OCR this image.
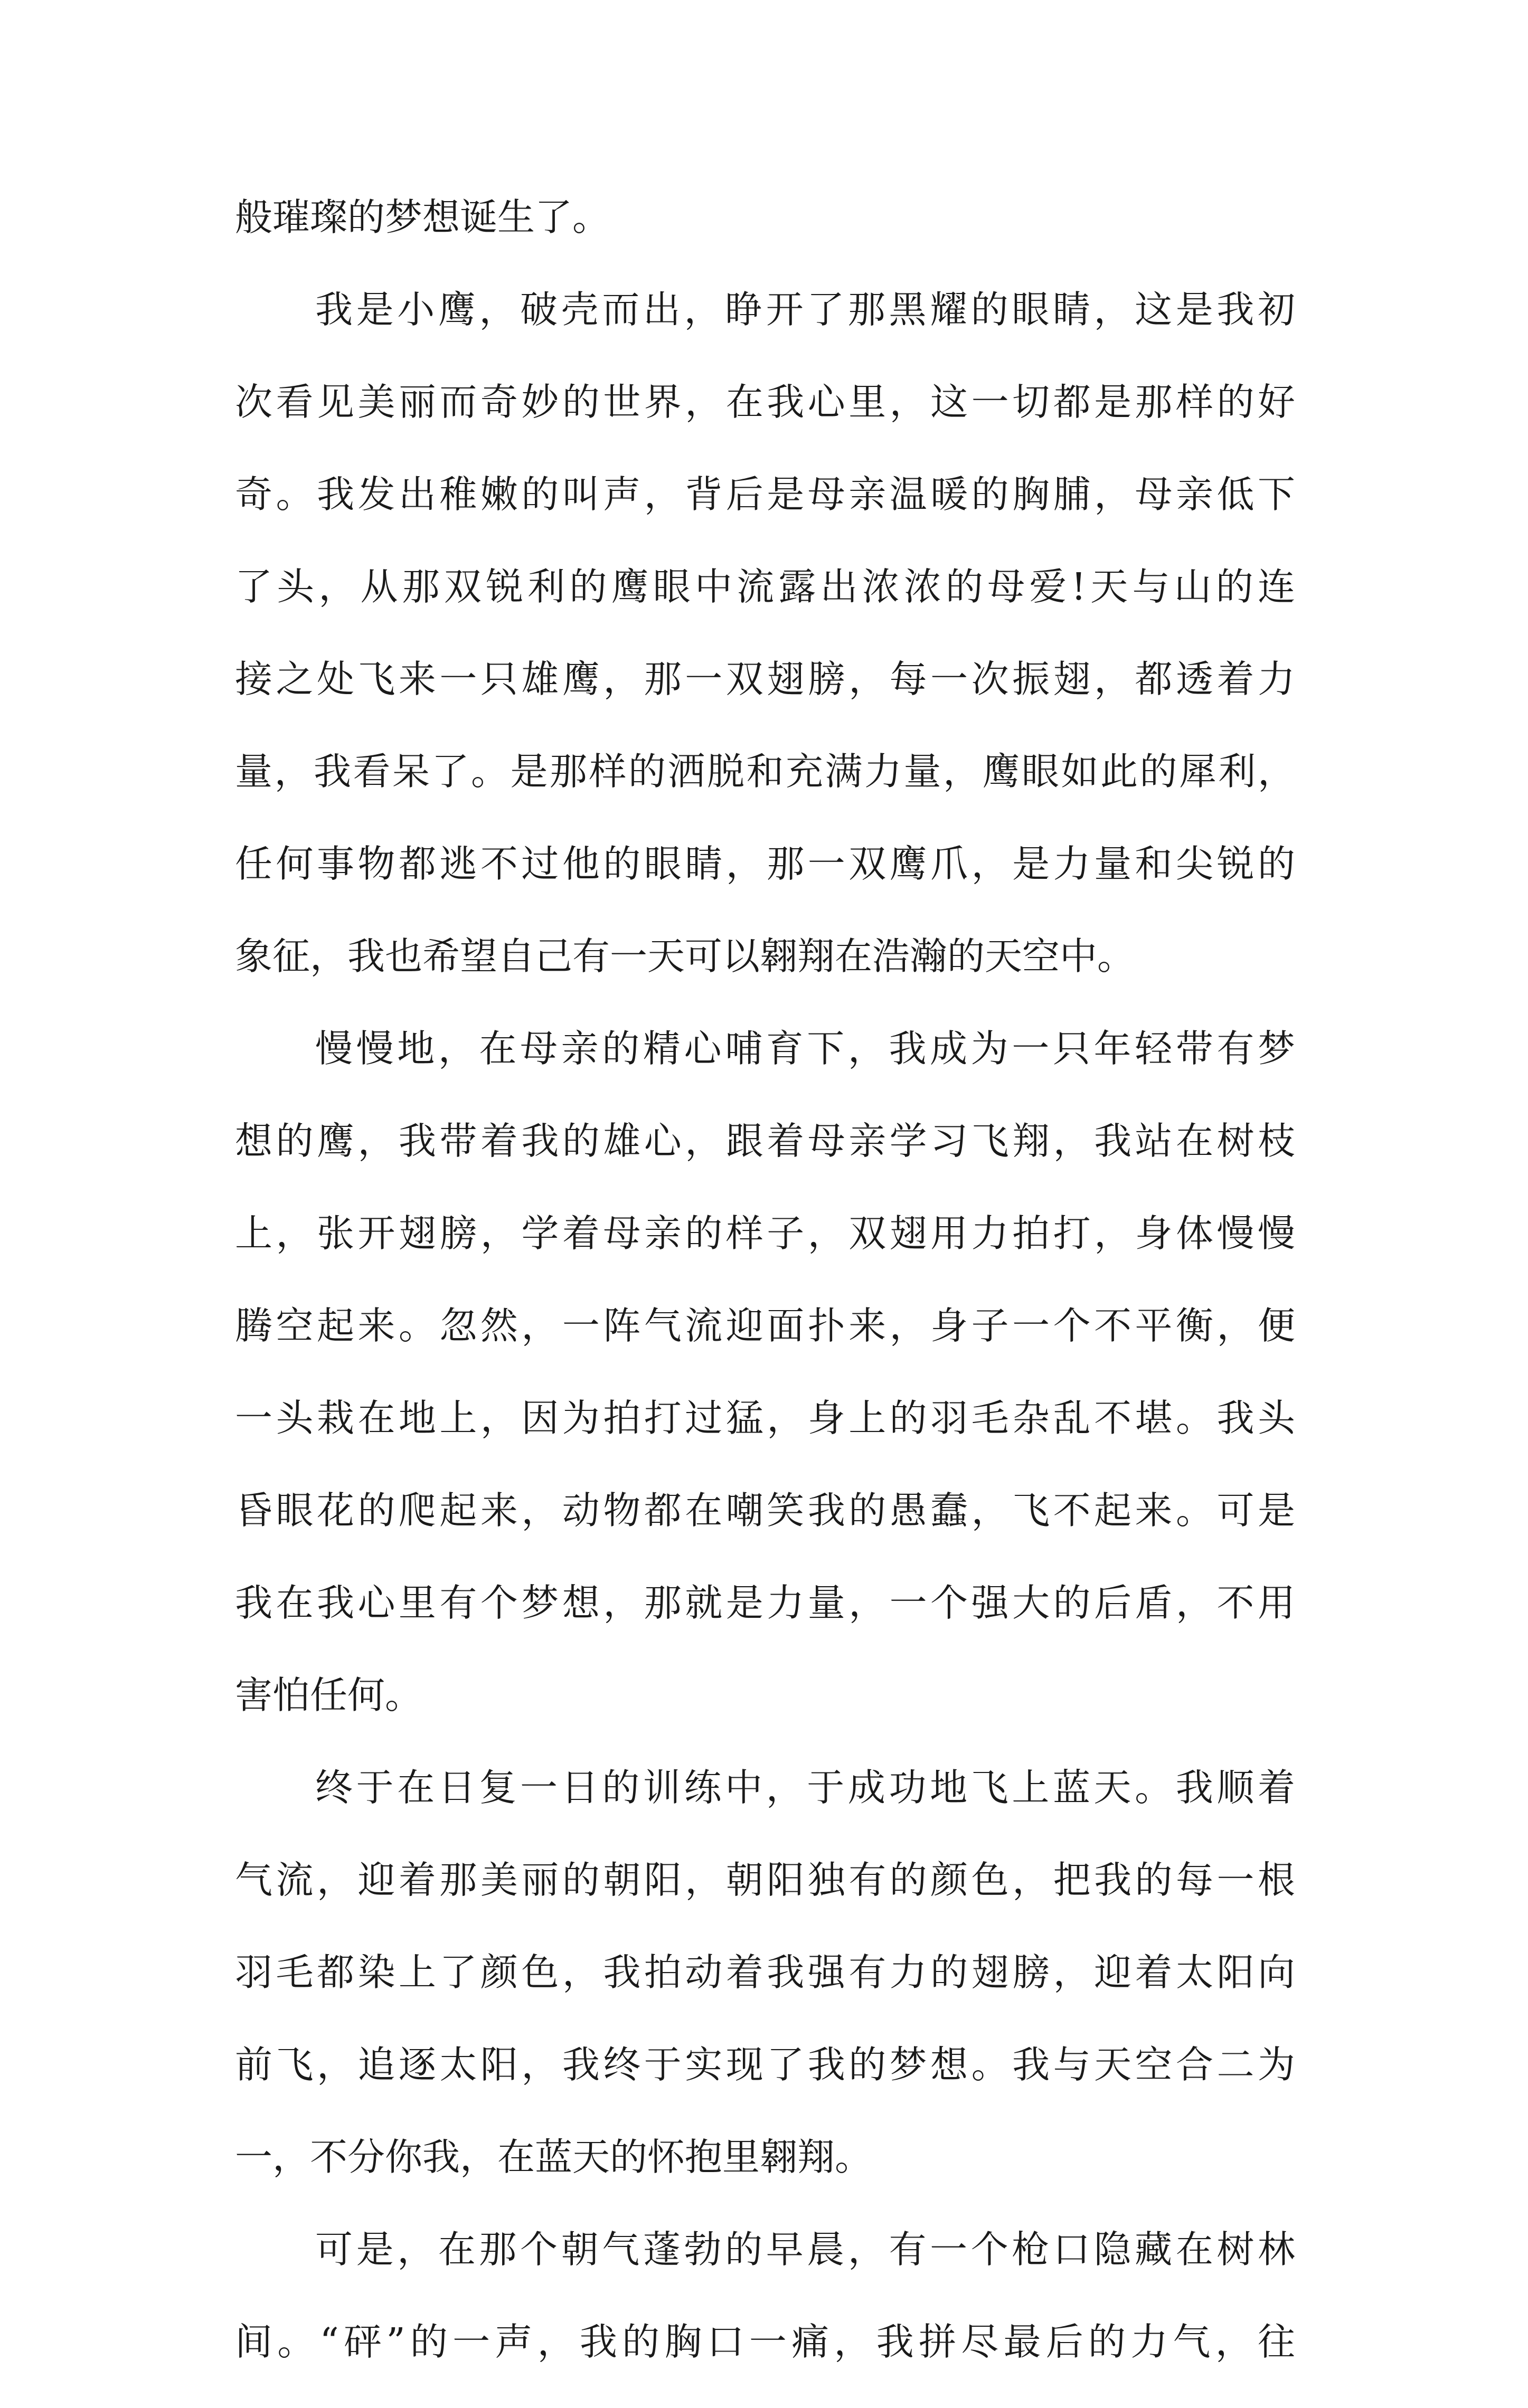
般璀璨的梦想诞生了。
我是小鹰，破壳而出，睁开了那黑耀的眼睛，这是我初
次看见美丽而奇妙的世界，在我心里，这一切都是那样的好
奇。我发出稚嫩的叫声，背后是母亲温暖的胸脯，母亲低下
了头，从那双锐利的鹰眼中流露出浓浓的母爱!天与山的连
接之处飞来一只雄鹰，那一双翅膀，每一次振翅，都透着力
量，我看呆了。是那样的洒脱和充满力量，鹰眼如此的犀利，
任何事物都逃不过他的眼睛，那一双鹰爪，是力量和尖锐的
象征，我也希望自己有一天可以翱翔在浩瀚的天空中。
慢慢地，在母亲的精心哺育下，我成为一只年轻带有梦
想的鹰，我带着我的雄心，跟着母亲学习飞翔，我站在树枝
上，张开翅膀，学着母亲的样子，双翅用力拍打，身体慢慢
腾空起来。忽然，一阵气流迎面扑来，身子一个不平衡，便
一头栽在地上，因为拍打过猛，身上的羽毛杂乱不堪。我头
昏眼花的爬起来，动物都在嘲笑我的愚蠢，飞不起来。可是
我在我心里有个梦想，那就是力量，一个强大的后盾，不用
害怕任何。
终于在日复一日的训练中，于成功地飞上蓝天。我顺着
气流，迎着那美丽的朝阳，朝阳独有的颜色，把我的每一根
羽毛都染上了颜色，我拍动着我强有力的翅膀，迎着太阳向
前飞，追逐太阳，我终于实现了我的梦想。我与天空合二为
一，不分你我，在蓝天的怀抱里翱翔。
可是，在那个朝气蓬勃的早晨，有一个枪口隐藏在树林
间。“砰”的一声，我的胸口一痛，我拼尽最后的力气，往
